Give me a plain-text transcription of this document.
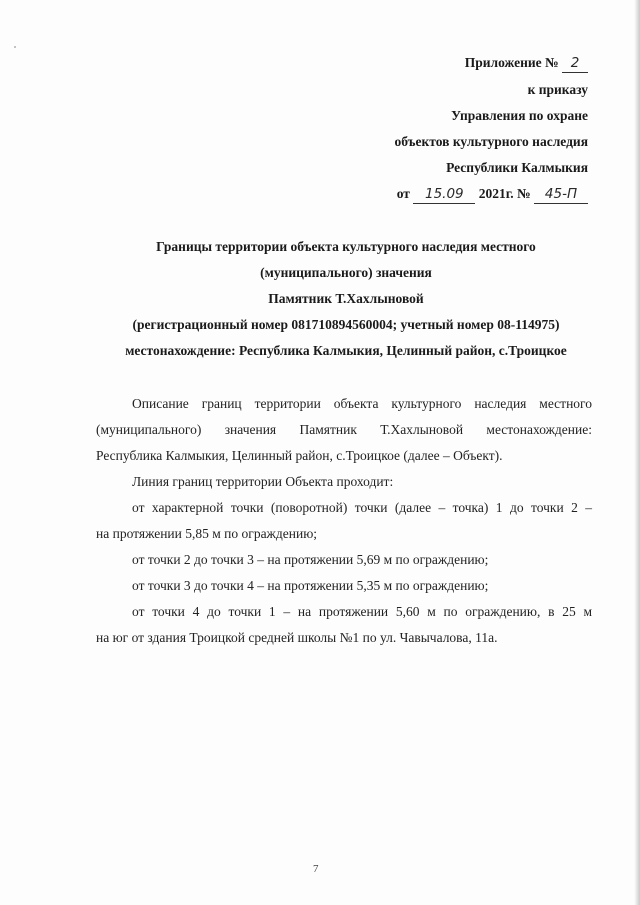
Приложение № 2
к приказу
Управления по охране
объектов культурного наследия
Республики Калмыкия
от 15.09 2021г. № 45-П
Границы территории объекта культурного наследия местного
(муниципального) значения
Памятник Т.Хахлыновой
(регистрационный номер 081710894560004; учетный номер 08-114975)
местонахождение: Республика Калмыкия, Целинный район, с.Троицкое
Описание границ территории объекта культурного наследия местного
(муниципального) значения Памятник Т.Хахлыновой местонахождение:
Республика Калмыкия, Целинный район, с.Троицкое (далее – Объект).
Линия границ территории Объекта проходит:
от характерной точки (поворотной) точки (далее – точка) 1 до точки 2 –
на протяжении 5,85 м по ограждению;
от точки 2 до точки 3 – на протяжении 5,69 м по ограждению;
от точки 3 до точки 4 – на протяжении 5,35 м по ограждению;
от точки 4 до точки 1 – на протяжении 5,60 м по ограждению, в 25 м
на юг от здания Троицкой средней школы №1 по ул. Чавычалова, 11а.
7
